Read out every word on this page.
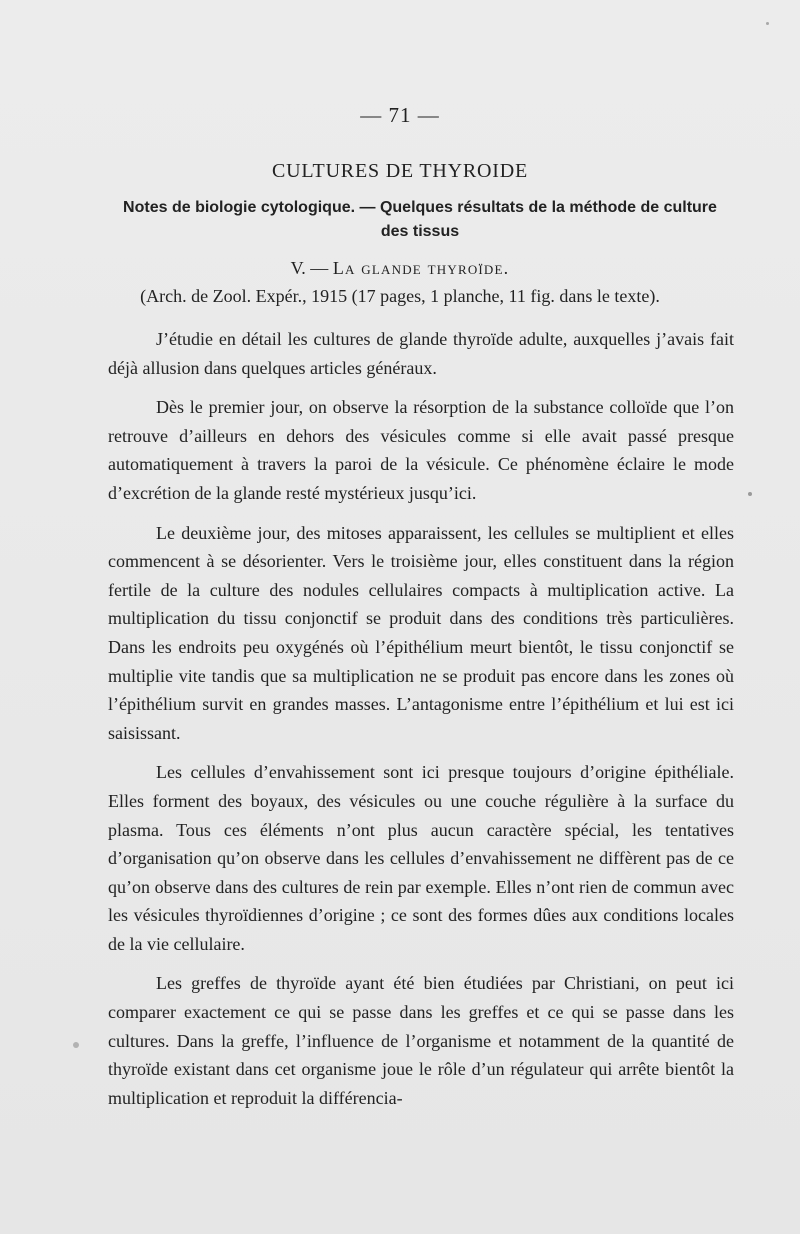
— 71 —
CULTURES DE THYROIDE
Notes de biologie cytologique. — Quelques résultats de la méthode de culture des tissus
V. — La glande thyroïde.
(Arch. de Zool. Expér., 1915 (17 pages, 1 planche, 11 fig. dans le texte).

J’étudie en détail les cultures de glande thyroïde adulte, auxquelles j’avais fait déjà allusion dans quelques articles généraux.

Dès le premier jour, on observe la résorption de la substance colloïde que l’on retrouve d’ailleurs en dehors des vésicules comme si elle avait passé presque automatiquement à travers la paroi de la vésicule. Ce phénomène éclaire le mode d’excrétion de la glande resté mystérieux jusqu’ici.

Le deuxième jour, des mitoses apparaissent, les cellules se multiplient et elles commencent à se désorienter. Vers le troisième jour, elles constituent dans la région fertile de la culture des nodules cellulaires compacts à multiplication active. La multiplication du tissu conjonctif se produit dans des conditions très particulières. Dans les endroits peu oxygénés où l’épithélium meurt bientôt, le tissu conjonctif se multiplie vite tandis que sa multiplication ne se produit pas encore dans les zones où l’épithélium survit en grandes masses. L’antagonisme entre l’épithélium et lui est ici saisissant.

Les cellules d’envahissement sont ici presque toujours d’origine épithéliale. Elles forment des boyaux, des vésicules ou une couche régulière à la surface du plasma. Tous ces éléments n’ont plus aucun caractère spécial, les tentatives d’organisation qu’on observe dans les cellules d’envahissement ne diffèrent pas de ce qu’on observe dans des cultures de rein par exemple. Elles n’ont rien de commun avec les vésicules thyroïdiennes d’origine ; ce sont des formes dûes aux conditions locales de la vie cellulaire.

Les greffes de thyroïde ayant été bien étudiées par Christiani, on peut ici comparer exactement ce qui se passe dans les greffes et ce qui se passe dans les cultures. Dans la greffe, l’influence de l’organisme et notamment de la quantité de thyroïde existant dans cet organisme joue le rôle d’un régulateur qui arrête bientôt la multiplication et reproduit la différencia-
